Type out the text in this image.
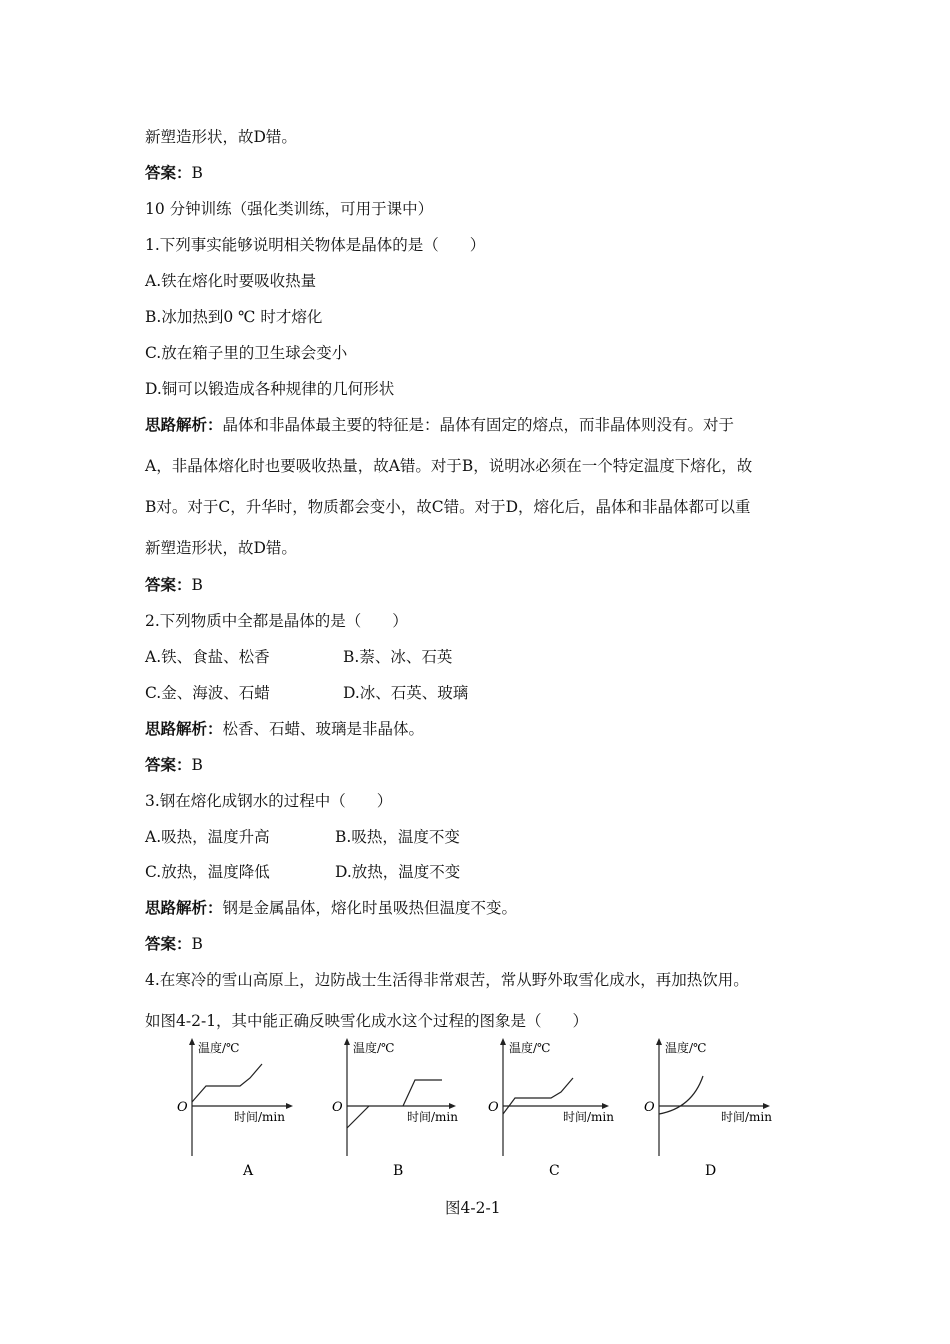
新塑造形状，故D错。
答案：B
10 分钟训练（强化类训练，可用于课中）
1.下列事实能够说明相关物体是晶体的是（　　）
A.铁在熔化时要吸收热量
B.冰加热到0 ℃ 时才熔化
C.放在箱子里的卫生球会变小
D.铜可以锻造成各种规律的几何形状
思路解析：晶体和非晶体最主要的特征是：晶体有固定的熔点，而非晶体则没有。对于
A，非晶体熔化时也要吸收热量，故A错。对于B，说明冰必须在一个特定温度下熔化，故
B对。对于C，升华时，物质都会变小，故C错。对于D，熔化后，晶体和非晶体都可以重
新塑造形状，故D错。
答案：B
2.下列物质中全都是晶体的是（　　）
A.铁、食盐、松香	B.萘、冰、石英
C.金、海波、石蜡	D.冰、石英、玻璃
思路解析：松香、石蜡、玻璃是非晶体。
答案：B
3.钢在熔化成钢水的过程中（　　）
A.吸热，温度升高	B.吸热，温度不变
C.放热，温度降低	D.放热，温度不变
思路解析：钢是金属晶体，熔化时虽吸热但温度不变。
答案：B
4.在寒冷的雪山高原上，边防战士生活得非常艰苦，常从野外取雪化成水，再加热饮用。
如图4-2-1，其中能正确反映雪化成水这个过程的图象是（　　）
温度/℃
时间/min
O
A
温度/℃
时间/min
O
B
温度/℃
时间/min
O
C
温度/℃
时间/min
O
D
图4-2-1
